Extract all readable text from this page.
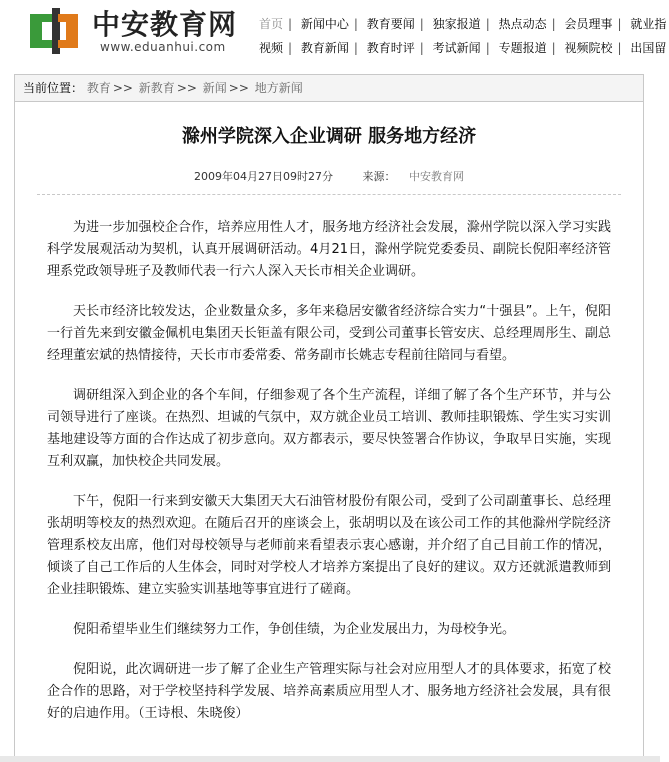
中安教育网
www.eduanhui.com
首页 | 新闻中心 | 教育要闻 | 独家报道 | 热点动态 | 会员理事 | 就业指
视频 | 教育新闻 | 教育时评 | 考试新闻 | 专题报道 | 视频院校 | 出国留
当前位置： 教育 >> 新教育 >> 新闻 >> 地方新闻
滁州学院深入企业调研 服务地方经济
2009年04月27日09时27分	来源： 中安教育网

为进一步加强校企合作，培养应用性人才，服务地方经济社会发展，滁州学院以深入学习实践科学发展观活动为契机，认真开展调研活动。4月21日，滁州学院党委委员、副院长倪阳率经济管理系党政领导班子及教师代表一行六人深入天长市相关企业调研。

天长市经济比较发达，企业数量众多，多年来稳居安徽省经济综合实力“十强县”。上午，倪阳一行首先来到安徽金佩机电集团天长钜盖有限公司，受到公司董事长管安庆、总经理周彤生、副总经理董宏斌的热情接待，天长市市委常委、常务副市长姚志专程前往陪同与看望。

调研组深入到企业的各个车间，仔细参观了各个生产流程，详细了解了各个生产环节，并与公司领导进行了座谈。在热烈、坦诚的气氛中，双方就企业员工培训、教师挂职锻炼、学生实习实训基地建设等方面的合作达成了初步意向。双方都表示，要尽快签署合作协议，争取早日实施，实现互利双赢，加快校企共同发展。

下午，倪阳一行来到安徽天大集团天大石油管材股份有限公司，受到了公司副董事长、总经理张胡明等校友的热烈欢迎。在随后召开的座谈会上，张胡明以及在该公司工作的其他滁州学院经济管理系校友出席，他们对母校领导与老师前来看望表示衷心感谢，并介绍了自己目前工作的情况，倾谈了自己工作后的人生体会，同时对学校人才培养方案提出了良好的建议。双方还就派遣教师到企业挂职锻炼、建立实验实训基地等事宜进行了磋商。

倪阳希望毕业生们继续努力工作，争创佳绩，为企业发展出力，为母校争光。

倪阳说，此次调研进一步了解了企业生产管理实际与社会对应用型人才的具体要求，拓宽了校企合作的思路，对于学校坚持科学发展、培养高素质应用型人才、服务地方经济社会发展，具有很好的启迪作用。（王诗根、朱晓俊）
